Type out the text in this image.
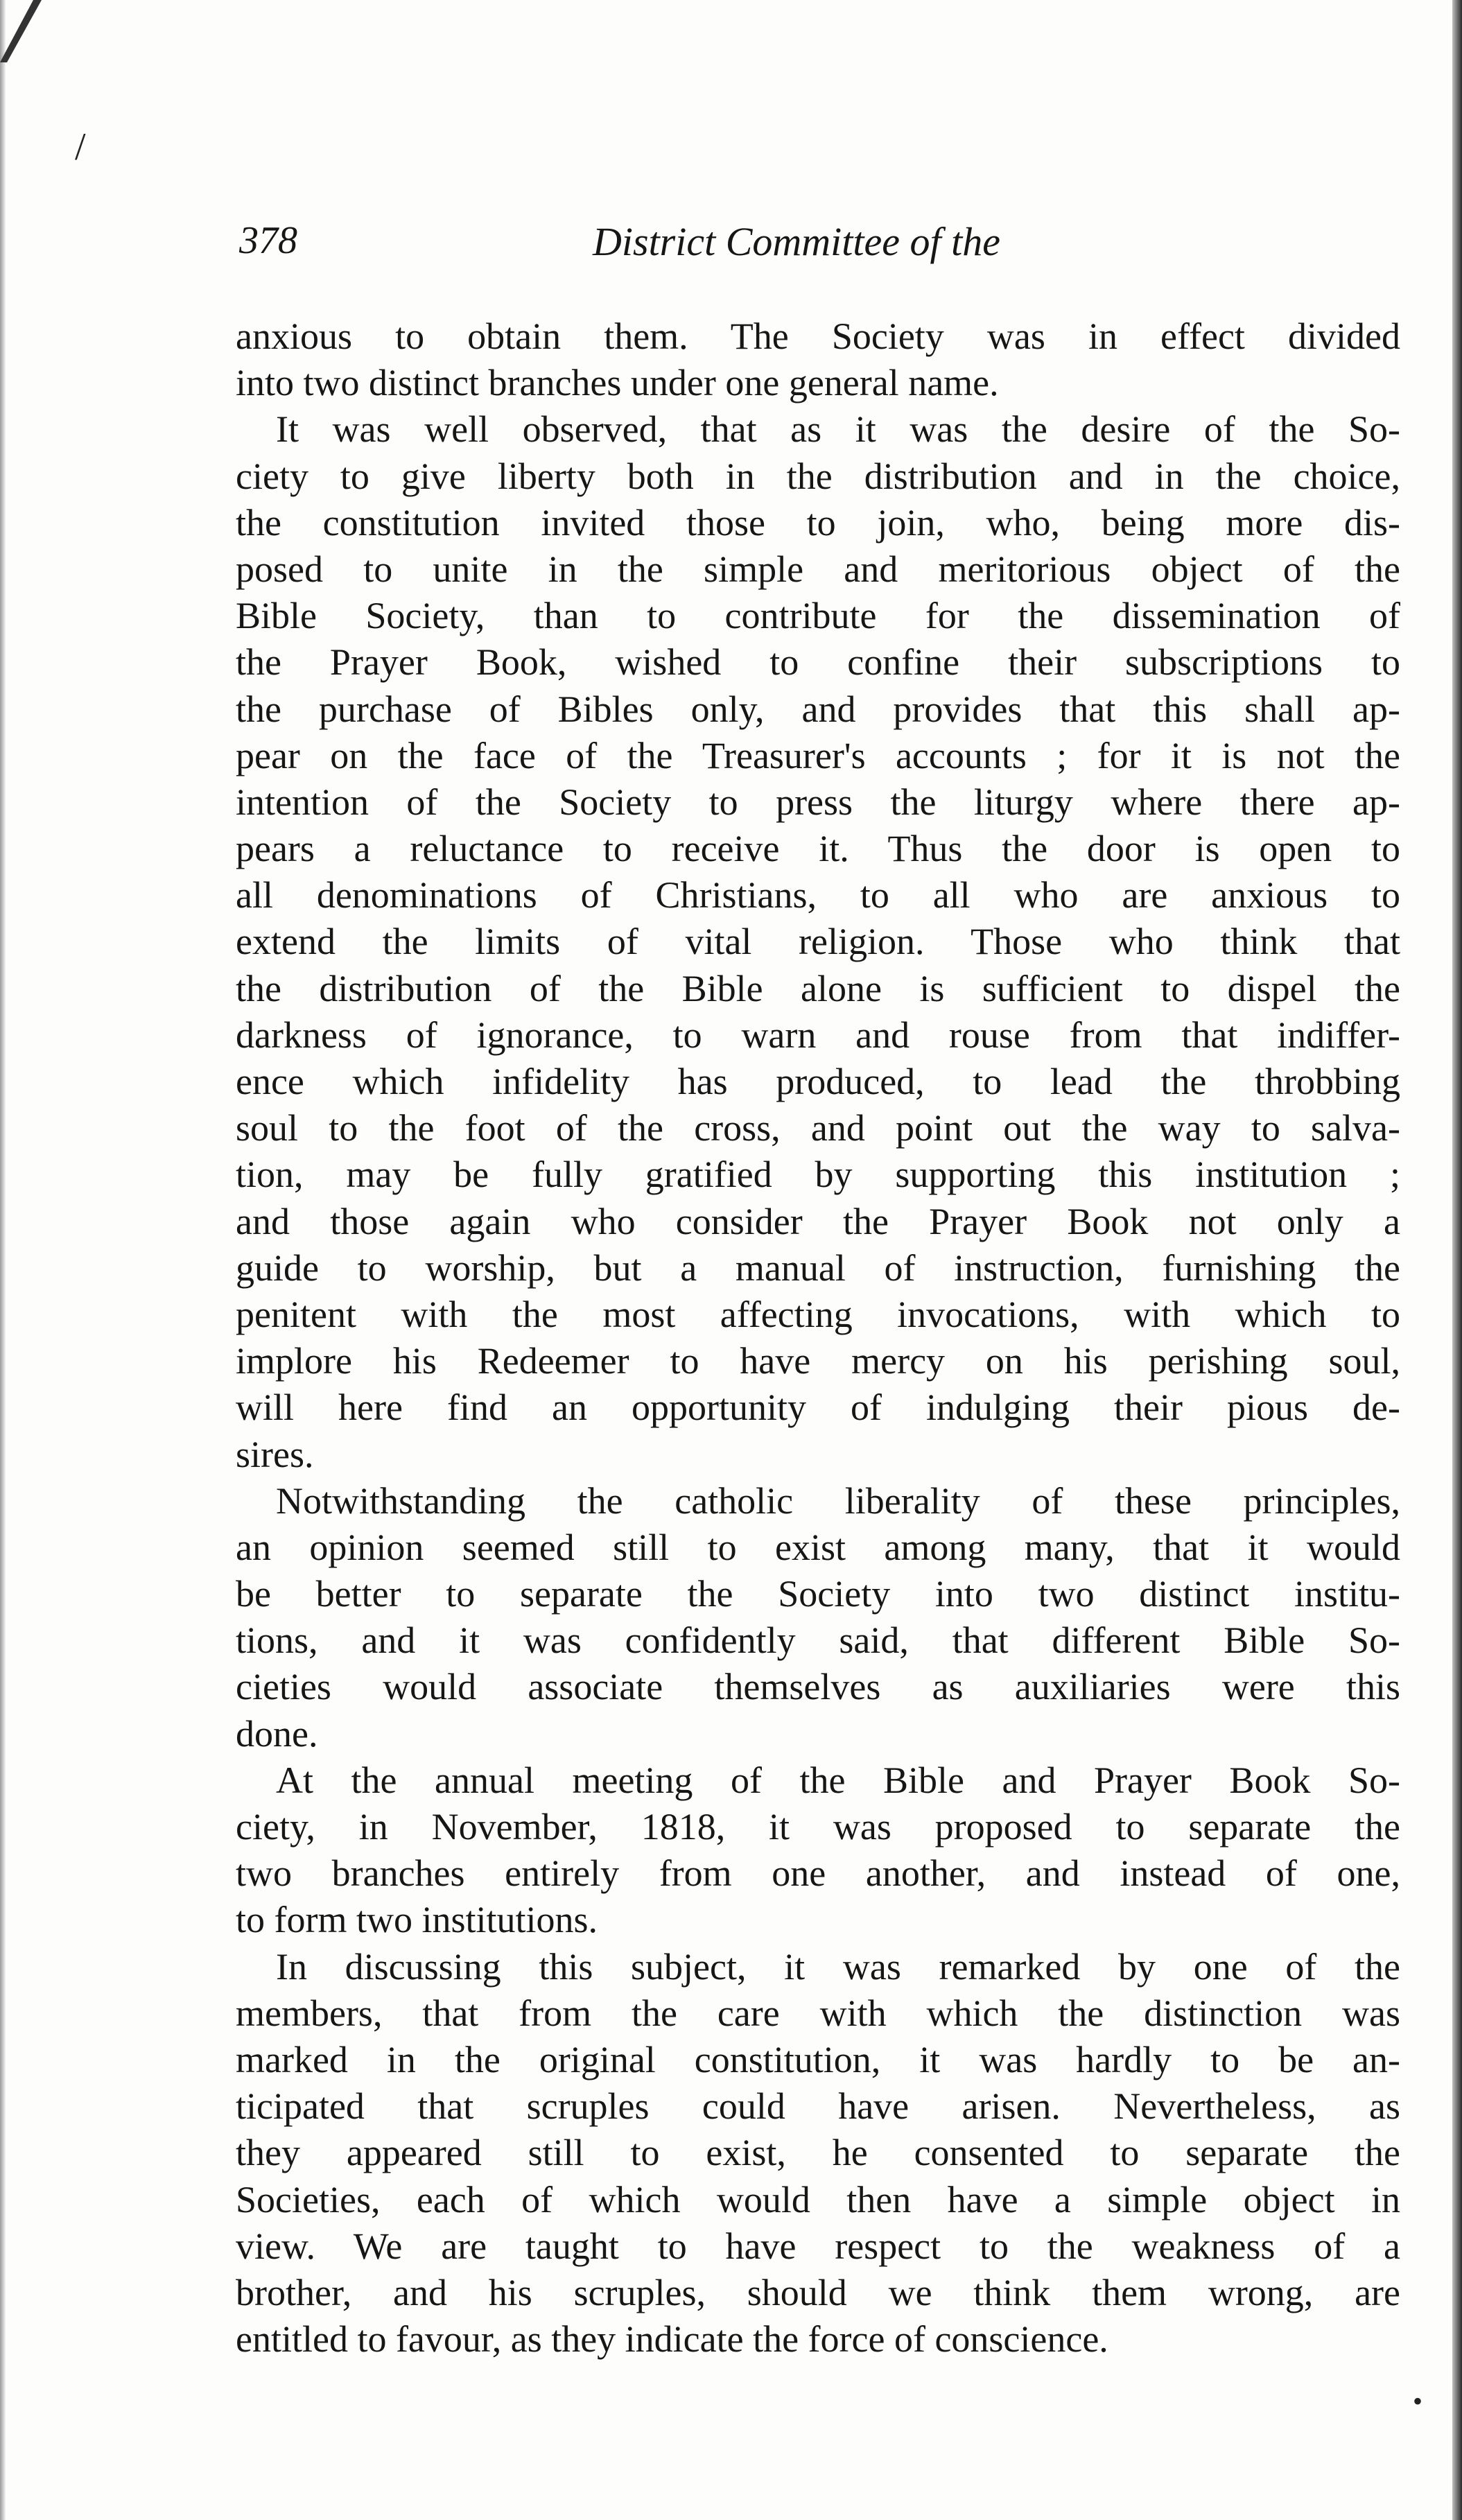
/
•
378	District Committee of the
anxious to obtain them. The Society was in effect divided
into two distinct branches under one general name.
It was well observed, that as it was the desire of the So-
ciety to give liberty both in the distribution and in the choice,
the constitution invited those to join, who, being more dis-
posed to unite in the simple and meritorious object of the
Bible Society, than to contribute for the dissemination of
the Prayer Book, wished to confine their subscriptions to
the purchase of Bibles only, and provides that this shall ap-
pear on the face of the Treasurer's accounts ; for it is not the
intention of the Society to press the liturgy where there ap-
pears a reluctance to receive it. Thus the door is open to
all denominations of Christians, to all who are anxious to
extend the limits of vital religion. Those who think that
the distribution of the Bible alone is sufficient to dispel the
darkness of ignorance, to warn and rouse from that indiffer-
ence which infidelity has produced, to lead the throbbing
soul to the foot of the cross, and point out the way to salva-
tion, may be fully gratified by supporting this institution ;
and those again who consider the Prayer Book not only a
guide to worship, but a manual of instruction, furnishing the
penitent with the most affecting invocations, with which to
implore his Redeemer to have mercy on his perishing soul,
will here find an opportunity of indulging their pious de-
sires.
Notwithstanding the catholic liberality of these principles,
an opinion seemed still to exist among many, that it would
be better to separate the Society into two distinct institu-
tions, and it was confidently said, that different Bible So-
cieties would associate themselves as auxiliaries were this
done.
At the annual meeting of the Bible and Prayer Book So-
ciety, in November, 1818, it was proposed to separate the
two branches entirely from one another, and instead of one,
to form two institutions.
In discussing this subject, it was remarked by one of the
members, that from the care with which the distinction was
marked in the original constitution, it was hardly to be an-
ticipated that scruples could have arisen. Nevertheless, as
they appeared still to exist, he consented to separate the
Societies, each of which would then have a simple object in
view. We are taught to have respect to the weakness of a
brother, and his scruples, should we think them wrong, are
entitled to favour, as they indicate the force of conscience.
